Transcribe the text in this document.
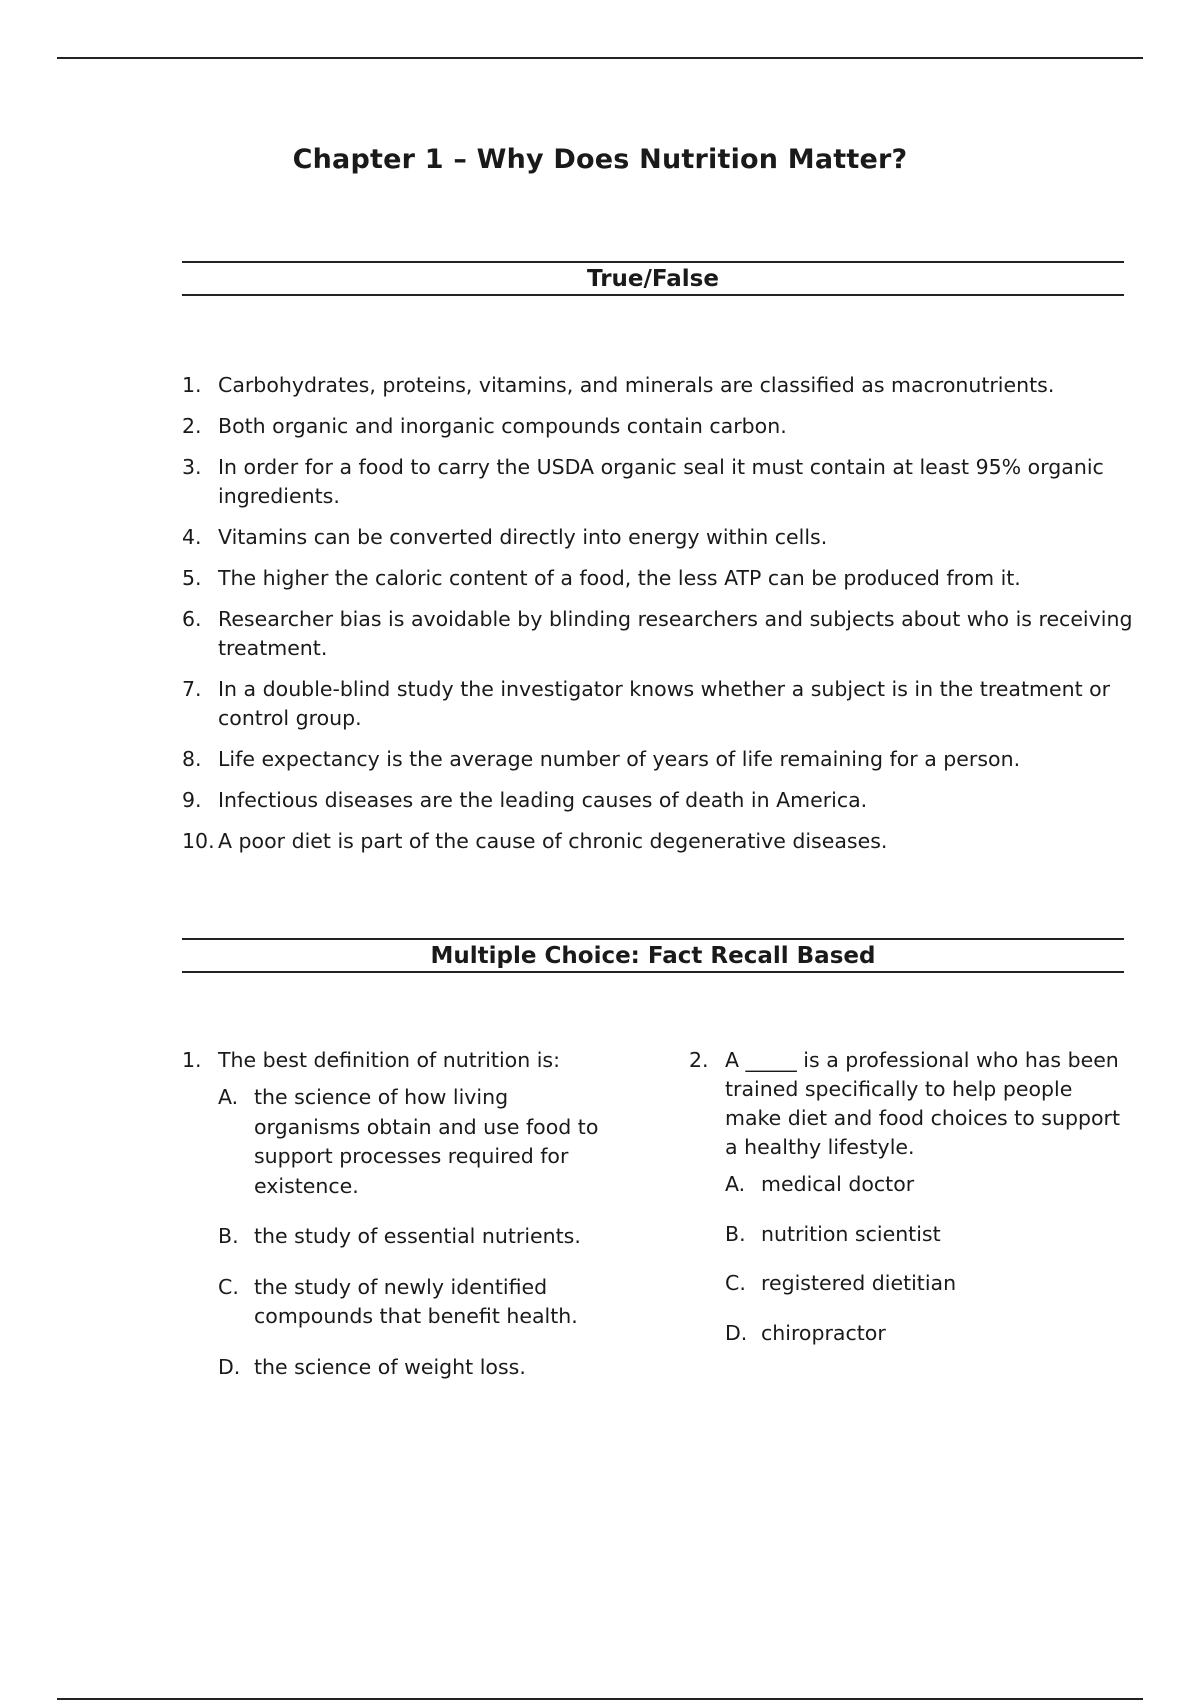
Chapter 1 – Why Does Nutrition Matter?
True/False
1. Carbohydrates, proteins, vitamins, and minerals are classified as macronutrients.
2. Both organic and inorganic compounds contain carbon.
3. In order for a food to carry the USDA organic seal it must contain at least 95% organic ingredients.
4. Vitamins can be converted directly into energy within cells.
5. The higher the caloric content of a food, the less ATP can be produced from it.
6. Researcher bias is avoidable by blinding researchers and subjects about who is receiving treatment.
7. In a double-blind study the investigator knows whether a subject is in the treatment or control group.
8. Life expectancy is the average number of years of life remaining for a person.
9. Infectious diseases are the leading causes of death in America.
10. A poor diet is part of the cause of chronic degenerative diseases.
Multiple Choice: Fact Recall Based
1. The best definition of nutrition is:
A. the science of how living organisms obtain and use food to support processes required for existence.
B. the study of essential nutrients.
C. the study of newly identified compounds that benefit health.
D. the science of weight loss.
2. A _____ is a professional who has been trained specifically to help people make diet and food choices to support a healthy lifestyle.
A. medical doctor
B. nutrition scientist
C. registered dietitian
D. chiropractor
